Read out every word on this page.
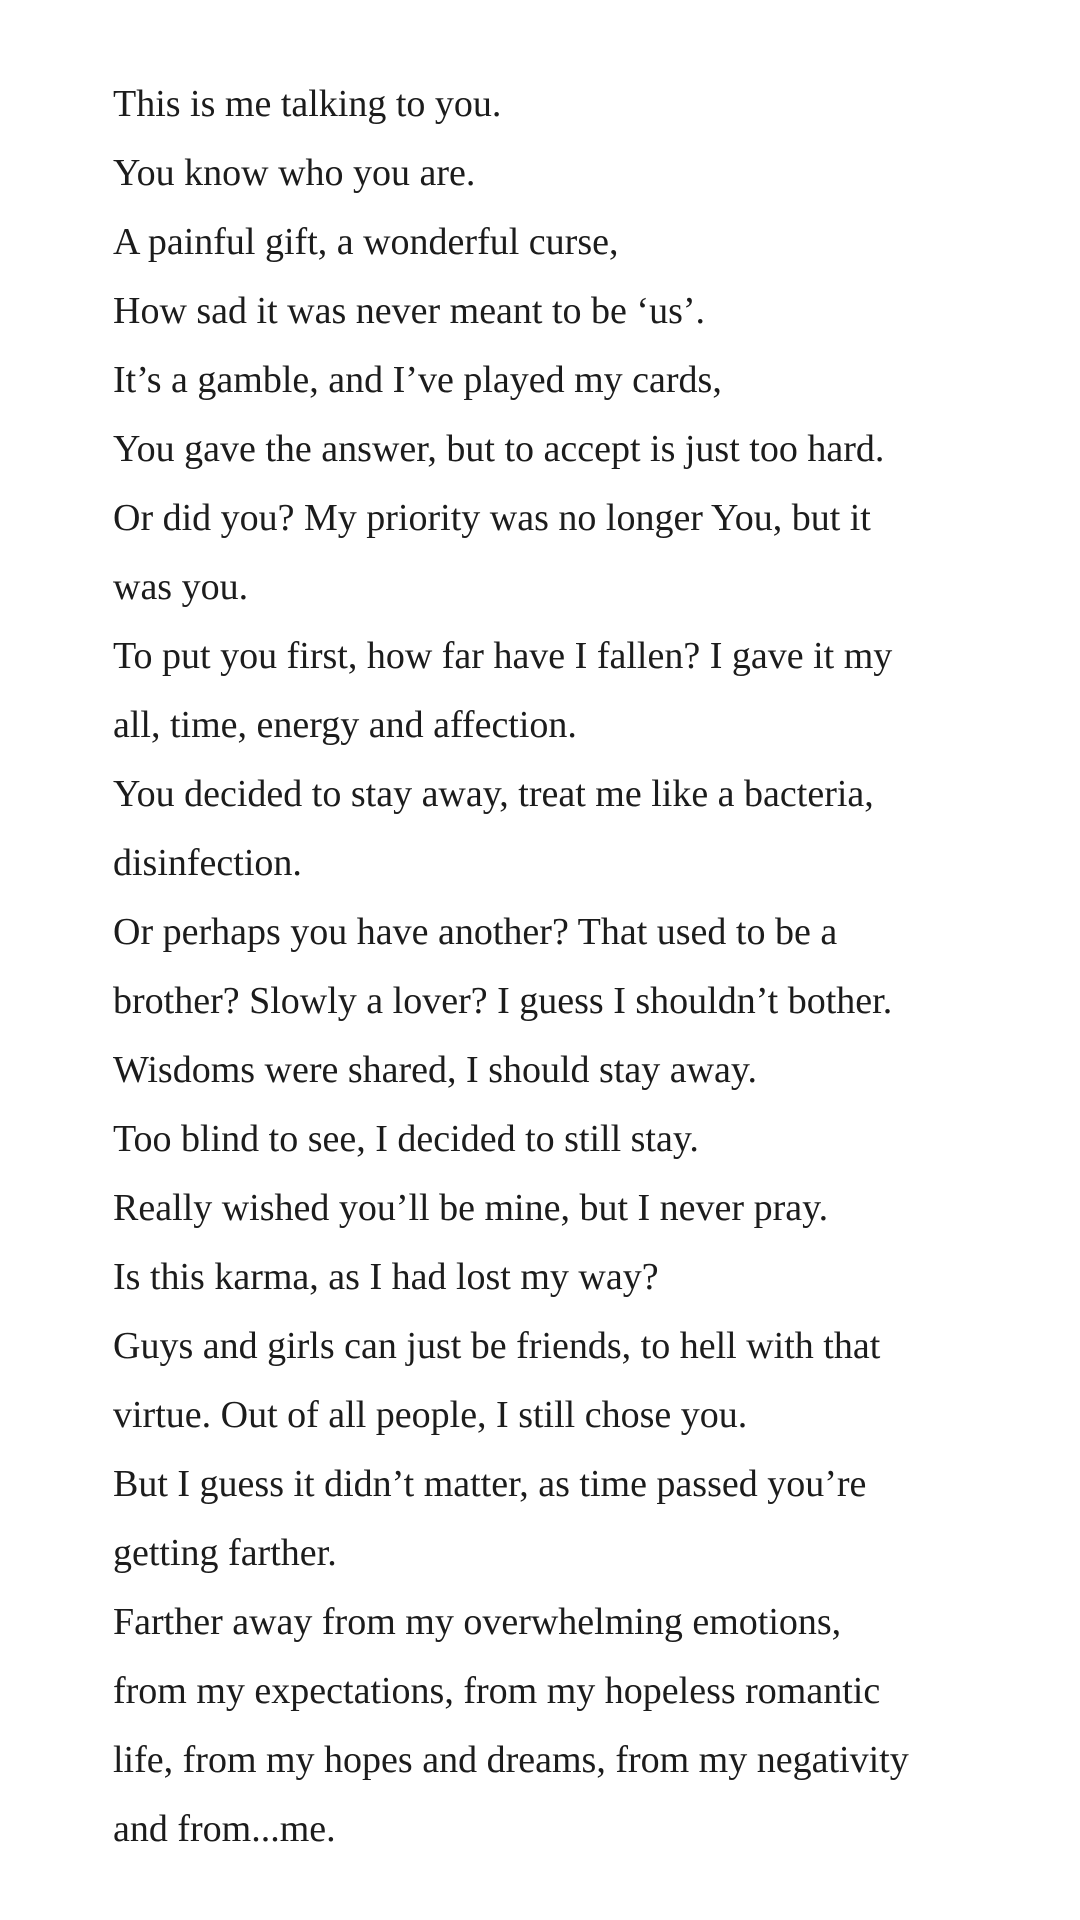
This is me talking to you.

You know who you are.

A painful gift, a wonderful curse,

How sad it was never meant to be ‘us’.

It’s a gamble, and I’ve played my cards,

You gave the answer, but to accept is just too hard.

Or did you? My priority was no longer You, but it

was you.

To put you first, how far have I fallen? I gave it my

all, time, energy and affection.

You decided to stay away, treat me like a bacteria,

disinfection.

Or perhaps you have another? That used to be a

brother? Slowly a lover? I guess I shouldn’t bother.

Wisdoms were shared, I should stay away.

Too blind to see, I decided to still stay.

Really wished you’ll be mine, but I never pray.

Is this karma, as I had lost my way?

Guys and girls can just be friends, to hell with that

virtue. Out of all people, I still chose you.

But I guess it didn’t matter, as time passed you’re

getting farther.

Farther away from my overwhelming emotions,

from my expectations, from my hopeless romantic

life, from my hopes and dreams, from my negativity

and from...me.
